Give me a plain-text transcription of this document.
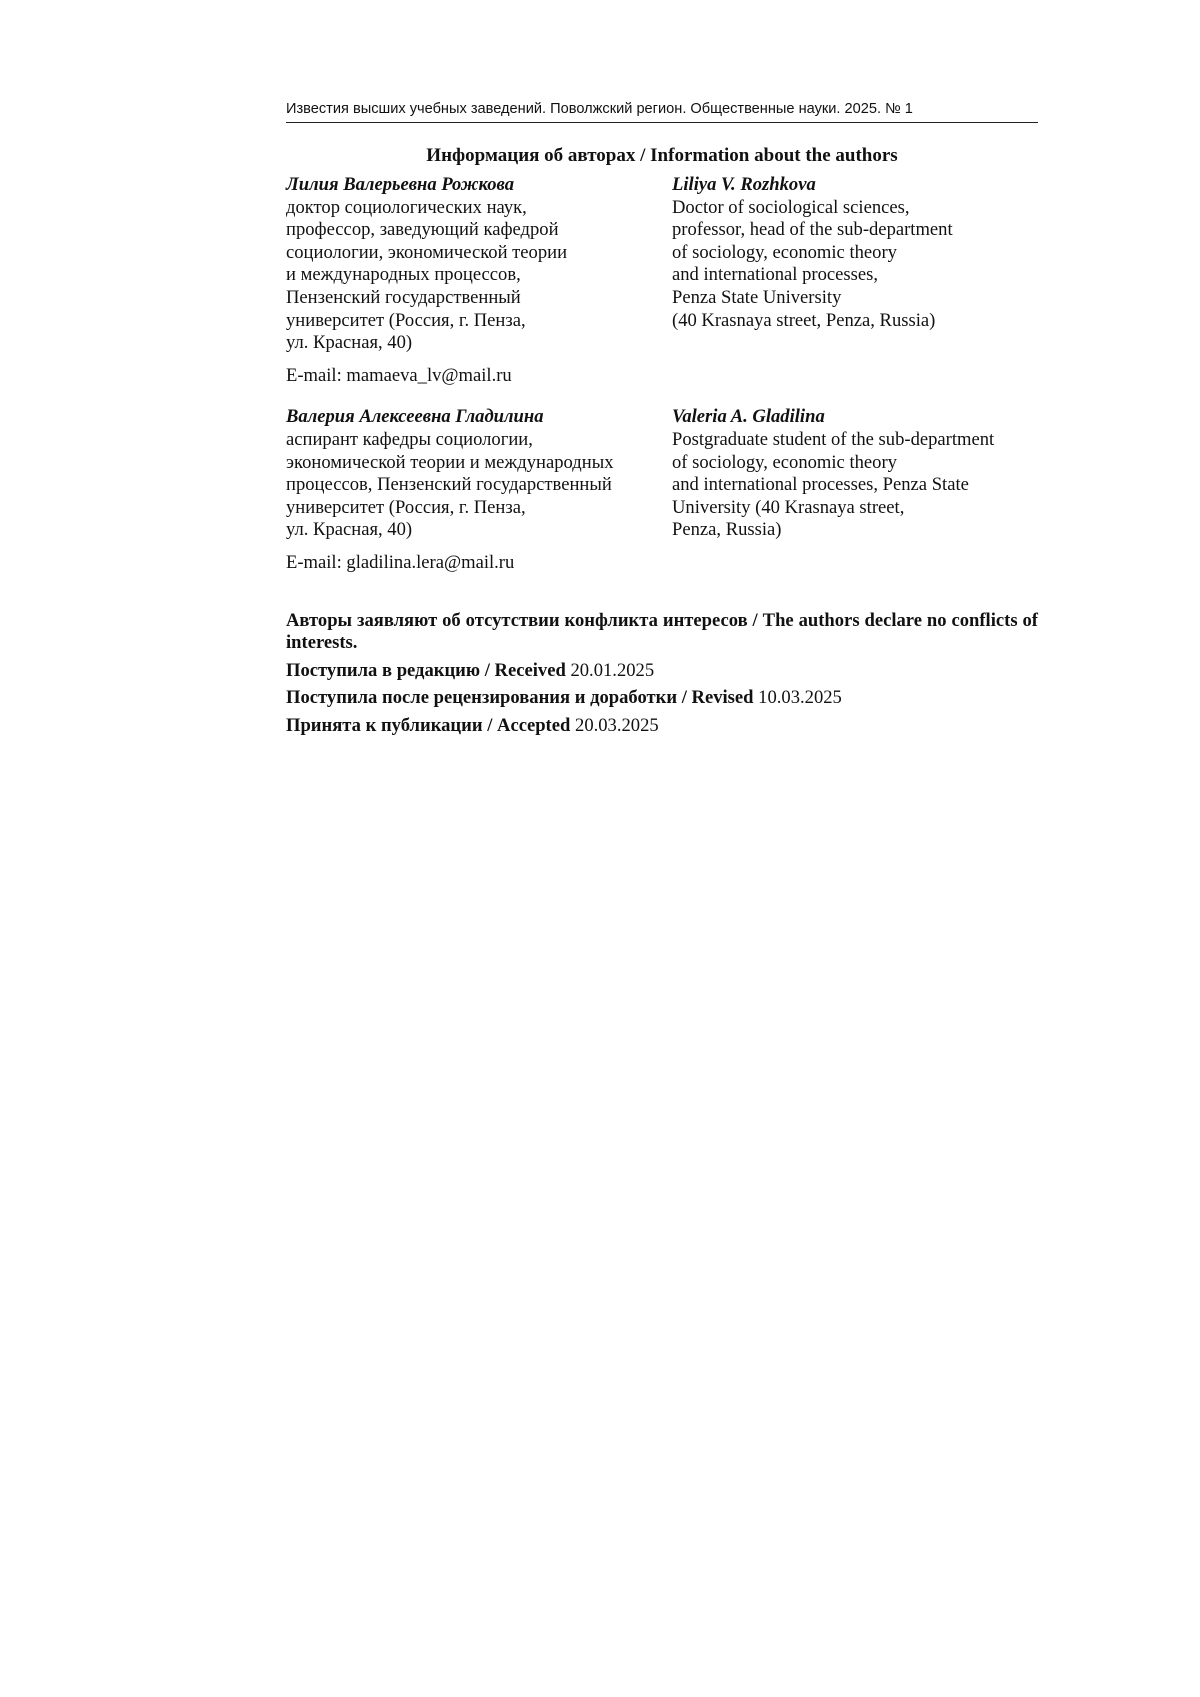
Известия высших учебных заведений. Поволжский регион. Общественные науки. 2025. № 1
Информация об авторах / Information about the authors
Лилия Валерьевна Рожкова
доктор социологических наук,
профессор, заведующий кафедрой
социологии, экономической теории
и международных процессов,
Пензенский государственный
университет (Россия, г. Пенза,
ул. Красная, 40)
E-mail: mamaeva_lv@mail.ru
Liliya V. Rozhkova
Doctor of sociological sciences,
professor, head of the sub-department
of sociology, economic theory
and international processes,
Penza State University
(40 Krasnaya street, Penza, Russia)
Валерия Алексеевна Гладилина
аспирант кафедры социологии,
экономической теории и международных
процессов, Пензенский государственный
университет (Россия, г. Пенза,
ул. Красная, 40)
E-mail: gladilina.lera@mail.ru
Valeria A. Gladilina
Postgraduate student of the sub-department
of sociology, economic theory
and international processes, Penza State
University (40 Krasnaya street,
Penza, Russia)
Авторы заявляют об отсутствии конфликта интересов / The authors declare no conflicts of interests.
Поступила в редакцию / Received 20.01.2025
Поступила после рецензирования и доработки / Revised 10.03.2025
Принята к публикации / Accepted 20.03.2025
